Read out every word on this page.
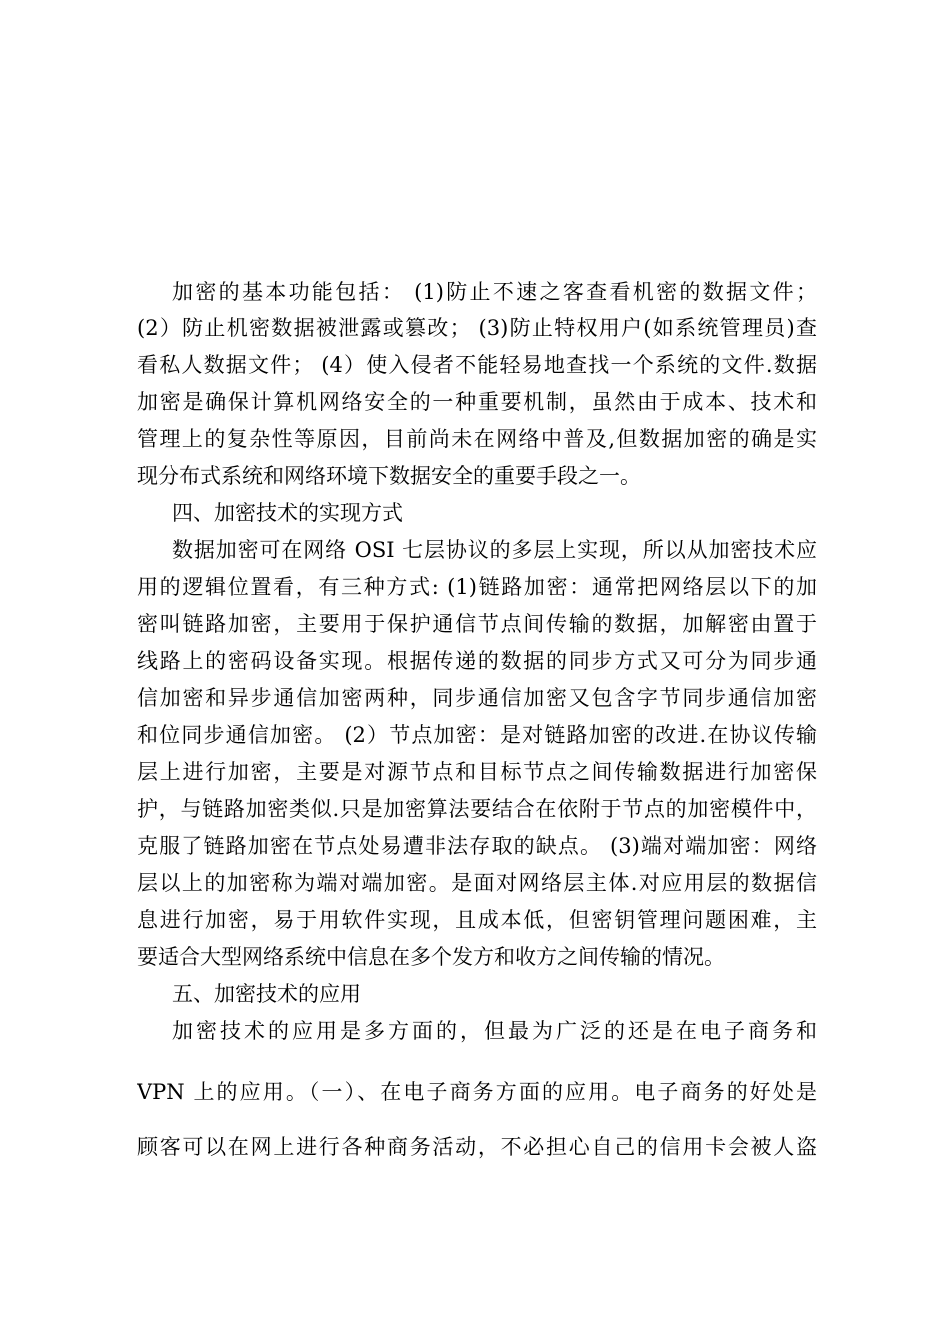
加密的基本功能包括： (1)防止不速之客查看机密的数据文件；
(2）防止机密数据被泄露或篡改； (3)防止特权用户(如系统管理员)查
看私人数据文件； (4）使入侵者不能轻易地查找一个系统的文件.数据
加密是确保计算机网络安全的一种重要机制，虽然由于成本、技术和
管理上的复杂性等原因，目前尚未在网络中普及,但数据加密的确是实
现分布式系统和网络环境下数据安全的重要手段之一。
四、加密技术的实现方式
数据加密可在网络 OSI 七层协议的多层上实现，所以从加密技术应
用的逻辑位置看，有三种方式: (1)链路加密：通常把网络层以下的加
密叫链路加密，主要用于保护通信节点间传输的数据，加解密由置于
线路上的密码设备实现。根据传递的数据的同步方式又可分为同步通
信加密和异步通信加密两种，同步通信加密又包含字节同步通信加密
和位同步通信加密。 (2）节点加密：是对链路加密的改进.在协议传输
层上进行加密，主要是对源节点和目标节点之间传输数据进行加密保
护，与链路加密类似.只是加密算法要结合在依附于节点的加密模件中，
克服了链路加密在节点处易遭非法存取的缺点。 (3)端对端加密：网络
层以上的加密称为端对端加密。是面对网络层主体.对应用层的数据信
息进行加密，易于用软件实现，且成本低，但密钥管理问题困难，主
要适合大型网络系统中信息在多个发方和收方之间传输的情况。
五、加密技术的应用
加密技术的应用是多方面的，但最为广泛的还是在电子商务和
VPN 上的应用。（一）、在电子商务方面的应用。电子商务的好处是
顾客可以在网上进行各种商务活动，不必担心自己的信用卡会被人盗
